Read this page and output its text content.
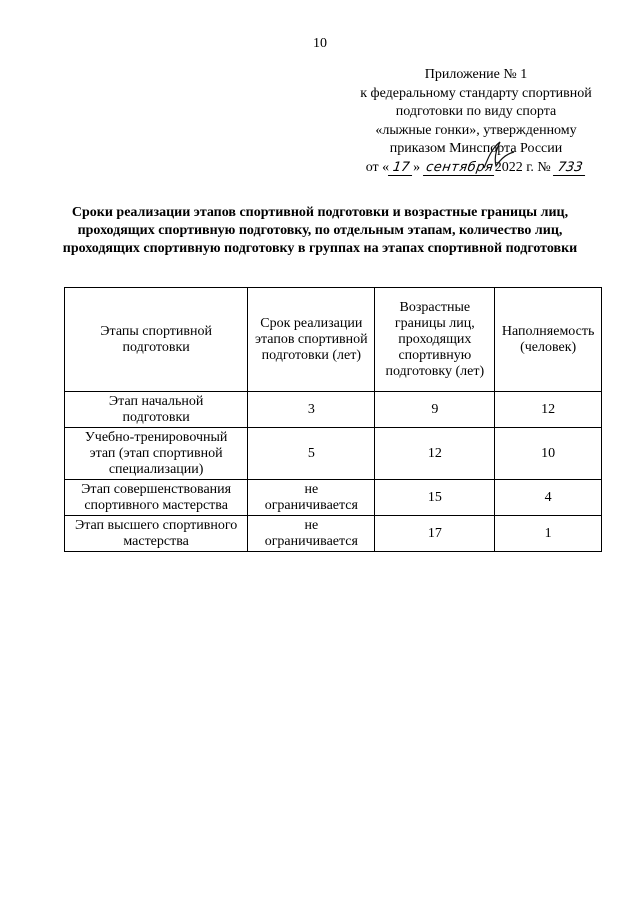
10
Приложение № 1
к федеральному стандарту спортивной
подготовки по виду спорта
«лыжные гонки», утвержденному
приказом Минспорта России
от « 17 » сентября2022 г. № 733
Сроки реализации этапов спортивной подготовки и возрастные границы лиц, проходящих спортивную подготовку, по отдельным этапам, количество лиц, проходящих спортивную подготовку в группах на этапах спортивной подготовки
Этапы спортивной подготовки	Срок реализации этапов спортивной подготовки (лет)	Возрастные границы лиц, проходящих спортивную подготовку (лет)	Наполняемость (человек)

Этап начальной подготовки	3	9	12
Учебно-тренировочный этап (этап спортивной специализации)	5	12	10
Этап совершенствования спортивного мастерства	не ограничивается	15	4
Этап высшего спортивного мастерства	не ограничивается	17	1
